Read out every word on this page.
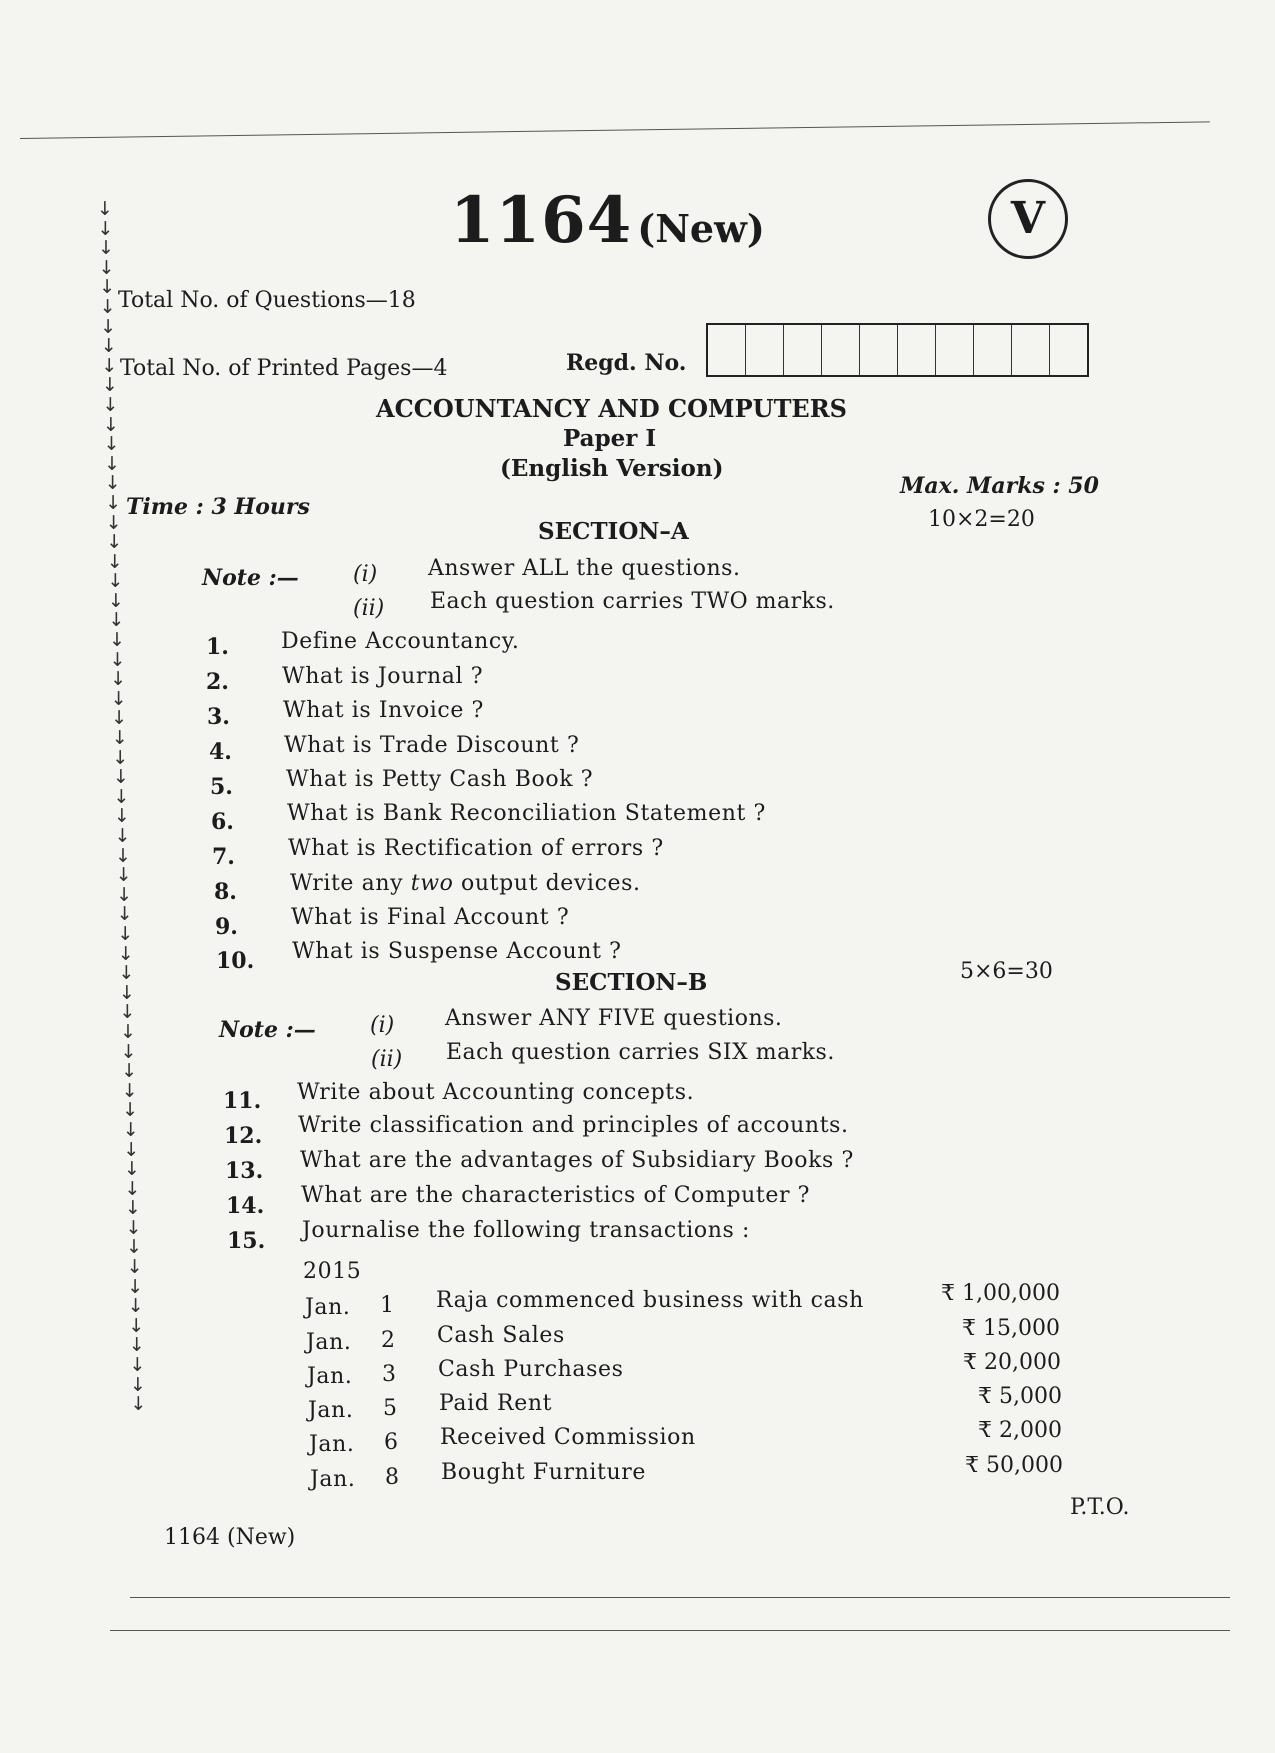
↓
↓
↓
↓
↓
↓
↓
↓
↓
↓
↓
↓
↓
↓
↓
↓
↓
↓
↓
↓
↓
↓
↓
↓
↓
↓
↓
↓
↓
↓
↓
↓
↓
↓
↓
↓
↓
↓
↓
↓
↓
↓
↓
↓
↓
↓
↓
↓
↓
↓
↓
↓
↓
↓
↓
↓
↓
↓
↓
↓
↓
↓
1164 (New)	V
Total No. of Questions—18
Total No. of Printed Pages—4	Regd. No.
ACCOUNTANCY AND COMPUTERS
Paper I
(English Version)
Time : 3 Hours
Max. Marks : 50
SECTION–A	10×2=20
Note :— (i) Answer ALL the questions.
(ii) Each question carries TWO marks.
1. Define Accountancy.
2. What is Journal ?
3. What is Invoice ?
4. What is Trade Discount ?
5. What is Petty Cash Book ?
6. What is Bank Reconciliation Statement ?
7. What is Rectification of errors ?
8. Write any two output devices.
9. What is Final Account ?
10. What is Suspense Account ?
SECTION–B	5×6=30
Note :— (i) Answer ANY FIVE questions.
(ii) Each question carries SIX marks.
11. Write about Accounting concepts.
12. Write classification and principles of accounts.
13. What are the advantages of Subsidiary Books ?
14. What are the characteristics of Computer ?
15. Journalise the following transactions :
2015
Jan. 1 Raja commenced business with cash	₹ 1,00,000
Jan. 2 Cash Sales	₹ 15,000
Jan. 3 Cash Purchases	₹ 20,000
Jan. 5 Paid Rent	₹ 5,000
Jan. 6 Received Commission	₹ 2,000
Jan. 8 Bought Furniture	₹ 50,000
P.T.O.
1164 (New)
